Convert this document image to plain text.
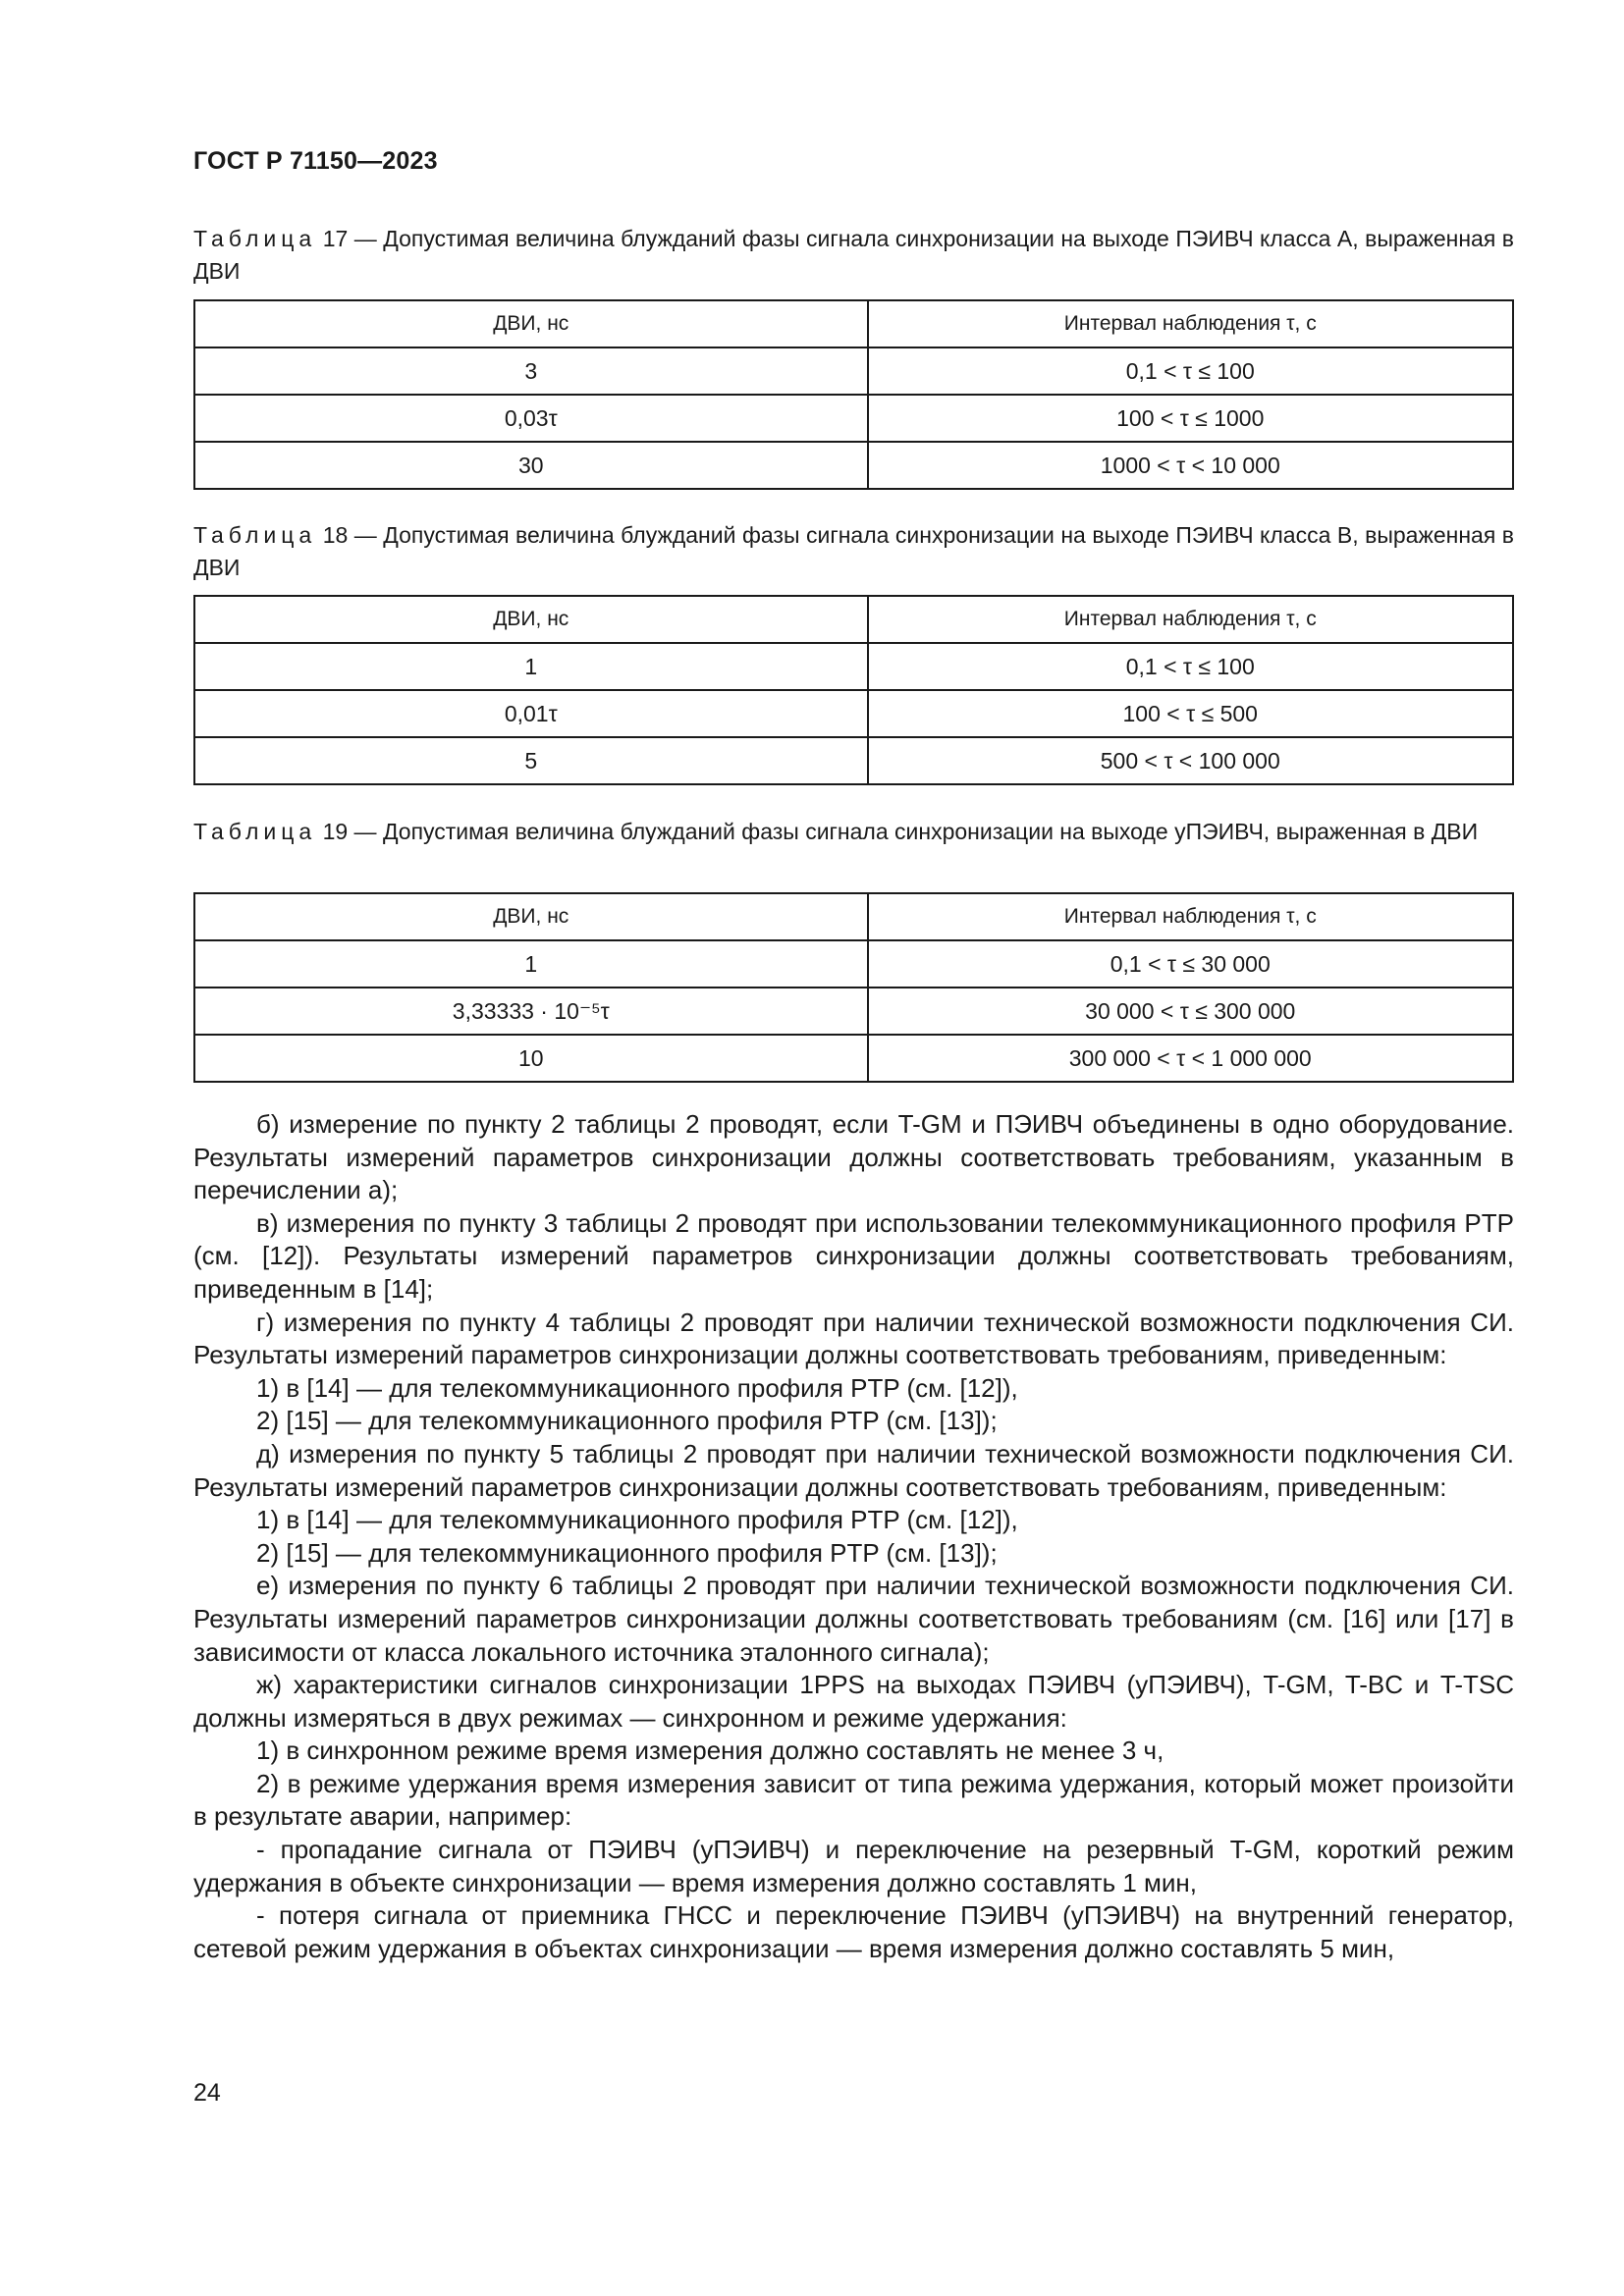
ГОСТ Р 71150—2023
Таблица 17 — Допустимая величина блужданий фазы сигнала синхронизации на выходе ПЭИВЧ класса А, выраженная в ДВИ
ДВИ, нс	Интервал наблюдения τ, с
3	0,1 < τ ≤ 100
0,03τ	100 < τ ≤ 1000
30	1000 < τ < 10 000
Таблица 18 — Допустимая величина блужданий фазы сигнала синхронизации на выходе ПЭИВЧ класса В, выраженная в ДВИ
ДВИ, нс	Интервал наблюдения τ, с
1	0,1 < τ ≤ 100
0,01τ	100 < τ ≤ 500
5	500 < τ < 100 000
Таблица 19 — Допустимая величина блужданий фазы сигнала синхронизации на выходе уПЭИВЧ, выраженная в ДВИ
ДВИ, нс	Интервал наблюдения τ, с
1	0,1 < τ ≤ 30 000
3,33333 · 10⁻⁵τ	30 000 < τ ≤ 300 000
10	300 000 < τ < 1 000 000

б) измерение по пункту 2 таблицы 2 проводят, если T-GM и ПЭИВЧ объединены в одно оборудование. Результаты измерений параметров синхронизации должны соответствовать требованиям, указанным в перечислении а);

в) измерения по пункту 3 таблицы 2 проводят при использовании телекоммуникационного профиля PTP (см. [12]). Результаты измерений параметров синхронизации должны соответствовать требованиям, приведенным в [14];

г) измерения по пункту 4 таблицы 2 проводят при наличии технической возможности подключения СИ. Результаты измерений параметров синхронизации должны соответствовать требованиям, приведенным:

1) в [14] — для телекоммуникационного профиля PTP (см. [12]),

2) [15] — для телекоммуникационного профиля PTP (см. [13]);

д) измерения по пункту 5 таблицы 2 проводят при наличии технической возможности подключения СИ. Результаты измерений параметров синхронизации должны соответствовать требованиям, приведенным:

1) в [14] — для телекоммуникационного профиля PTP (см. [12]),

2) [15] — для телекоммуникационного профиля PTP (см. [13]);

е) измерения по пункту 6 таблицы 2 проводят при наличии технической возможности подключения СИ. Результаты измерений параметров синхронизации должны соответствовать требованиям (см. [16] или [17] в зависимости от класса локального источника эталонного сигнала);

ж) характеристики сигналов синхронизации 1PPS на выходах ПЭИВЧ (уПЭИВЧ), T-GM, T-BC и T-TSC должны измеряться в двух режимах — синхронном и режиме удержания:

1) в синхронном режиме время измерения должно составлять не менее 3 ч,

2) в режиме удержания время измерения зависит от типа режима удержания, который может произойти в результате аварии, например:

- пропадание сигнала от ПЭИВЧ (уПЭИВЧ) и переключение на резервный T-GM, короткий режим удержания в объекте синхронизации — время измерения должно составлять 1 мин,

- потеря сигнала от приемника ГНСС и переключение ПЭИВЧ (уПЭИВЧ) на внутренний генератор, сетевой режим удержания в объектах синхронизации — время измерения должно составлять 5 мин,

24
